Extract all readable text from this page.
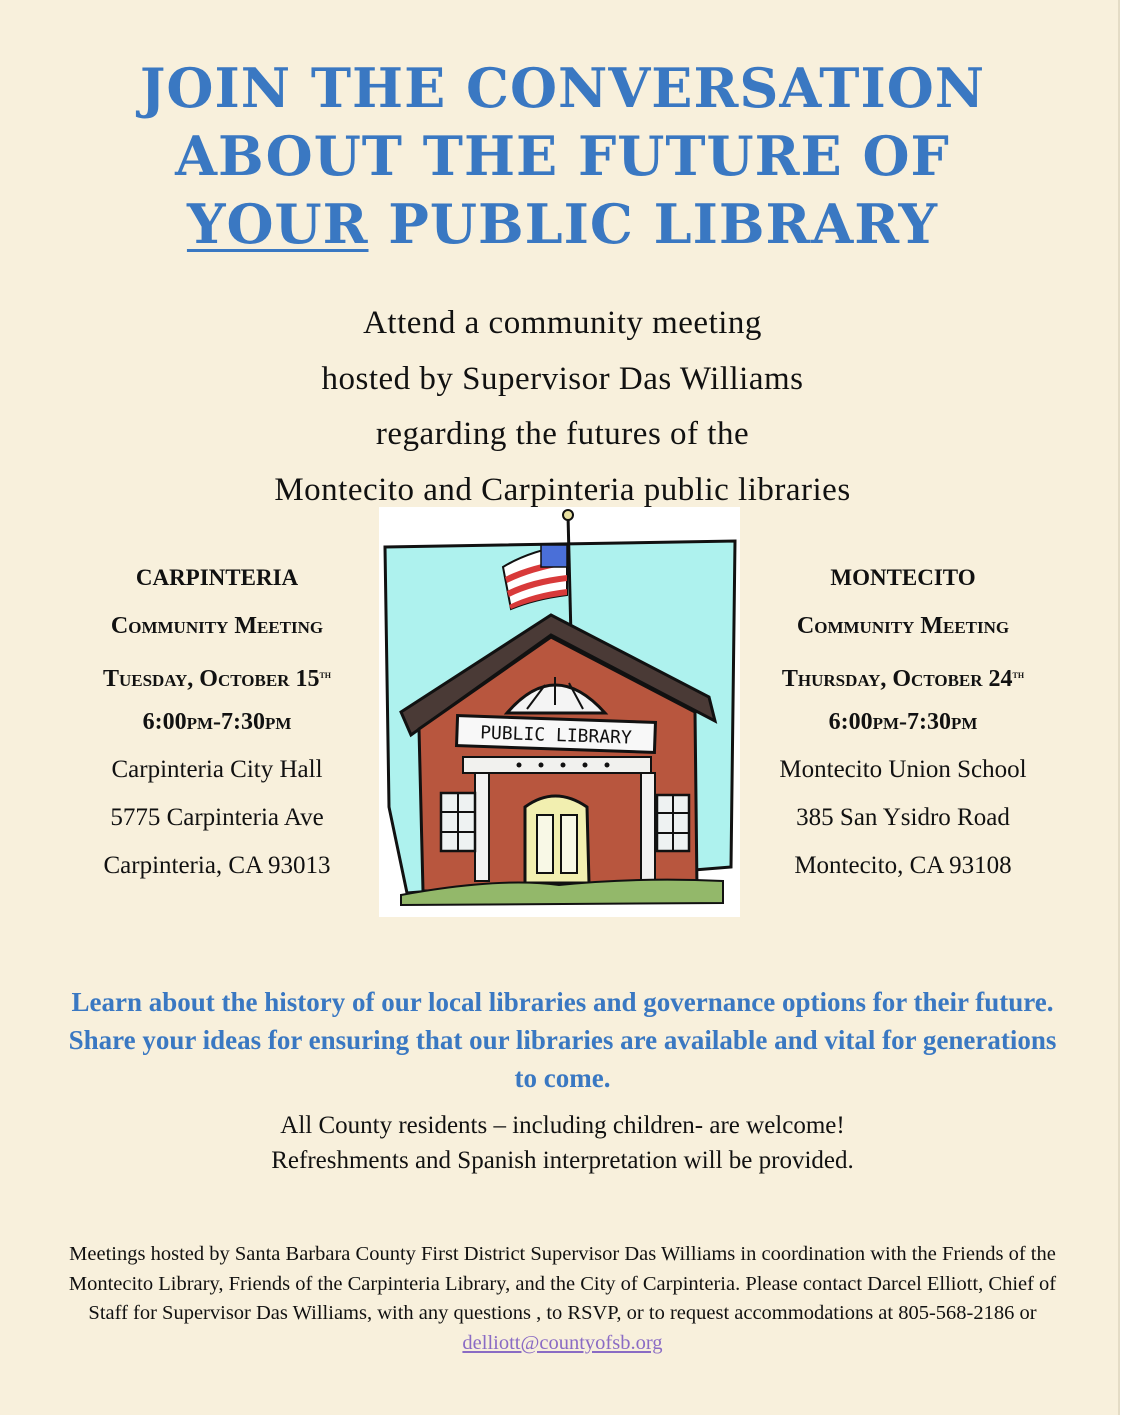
JOIN THE CONVERSATION
ABOUT THE FUTURE OF
YOUR PUBLIC LIBRARY
Attend a community meeting
hosted by Supervisor Das Williams
regarding the futures of the
Montecito and Carpinteria public libraries
CARPINTERIA
Community Meeting
Tuesday, October 15th
6:00pm-7:30pm
Carpinteria City Hall
5775 Carpinteria Ave
Carpinteria, CA 93013
MONTECITO
Community Meeting
Thursday, October 24th
6:00pm-7:30pm
Montecito Union School
385 San Ysidro Road
Montecito, CA 93108
PUBLIC LIBRARY
Learn about the history of our local libraries and governance options for their future. Share your ideas for ensuring that our libraries are available and vital for generations to come.
All County residents – including children- are welcome!
Refreshments and Spanish interpretation will be provided.
Meetings hosted by Santa Barbara County First District Supervisor Das Williams in coordination with the Friends of the Montecito Library, Friends of the Carpinteria Library, and the City of Carpinteria. Please contact Darcel Elliott, Chief of Staff for Supervisor Das Williams, with any questions , to RSVP, or to request accommodations at 805-568-2186 or delliott@countyofsb.org
